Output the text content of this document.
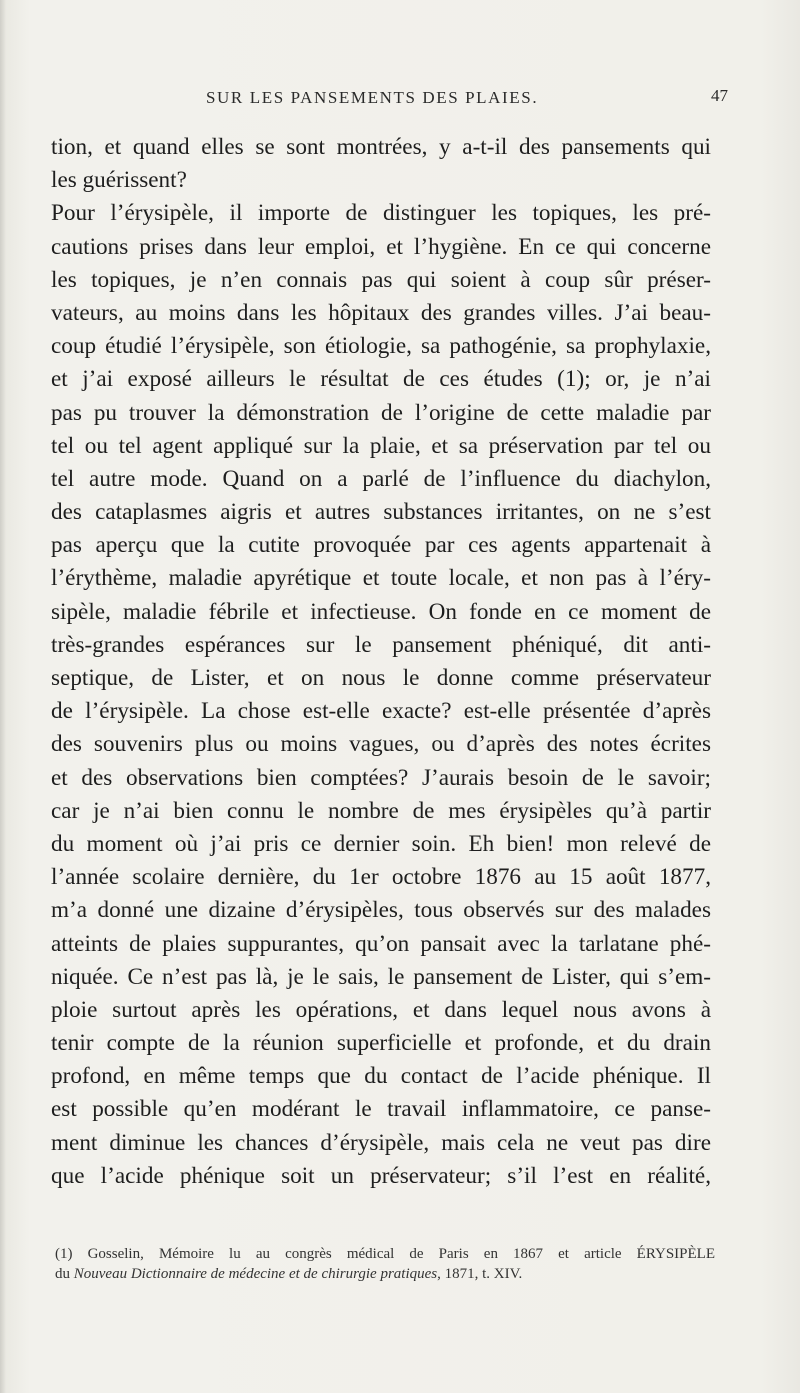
SUR LES PANSEMENTS DES PLAIES.	47
tion, et quand elles se sont montrées, y a-t-il des pansements qui
les guérissent?
Pour l’érysipèle, il importe de distinguer les topiques, les pré-
cautions prises dans leur emploi, et l’hygiène. En ce qui concerne
les topiques, je n’en connais pas qui soient à coup sûr préser-
vateurs, au moins dans les hôpitaux des grandes villes. J’ai beau-
coup étudié l’érysipèle, son étiologie, sa pathogénie, sa prophylaxie,
et j’ai exposé ailleurs le résultat de ces études (1); or, je n’ai
pas pu trouver la démonstration de l’origine de cette maladie par
tel ou tel agent appliqué sur la plaie, et sa préservation par tel ou
tel autre mode. Quand on a parlé de l’influence du diachylon,
des cataplasmes aigris et autres substances irritantes, on ne s’est
pas aperçu que la cutite provoquée par ces agents appartenait à
l’érythème, maladie apyrétique et toute locale, et non pas à l’éry-
sipèle, maladie fébrile et infectieuse. On fonde en ce moment de
très-grandes espérances sur le pansement phéniqué, dit anti-
septique, de Lister, et on nous le donne comme préservateur
de l’érysipèle. La chose est-elle exacte? est-elle présentée d’après
des souvenirs plus ou moins vagues, ou d’après des notes écrites
et des observations bien comptées? J’aurais besoin de le savoir;
car je n’ai bien connu le nombre de mes érysipèles qu’à partir
du moment où j’ai pris ce dernier soin. Eh bien! mon relevé de
l’année scolaire dernière, du 1er octobre 1876 au 15 août 1877,
m’a donné une dizaine d’érysipèles, tous observés sur des malades
atteints de plaies suppurantes, qu’on pansait avec la tarlatane phé-
niquée. Ce n’est pas là, je le sais, le pansement de Lister, qui s’em-
ploie surtout après les opérations, et dans lequel nous avons à
tenir compte de la réunion superficielle et profonde, et du drain
profond, en même temps que du contact de l’acide phénique. Il
est possible qu’en modérant le travail inflammatoire, ce panse-
ment diminue les chances d’érysipèle, mais cela ne veut pas dire
que l’acide phénique soit un préservateur; s’il l’est en réalité,
(1) Gosselin, Mémoire lu au congrès médical de Paris en 1867 et article ÉRYSIPÈLE
du Nouveau Dictionnaire de médecine et de chirurgie pratiques, 1871, t. XIV.
